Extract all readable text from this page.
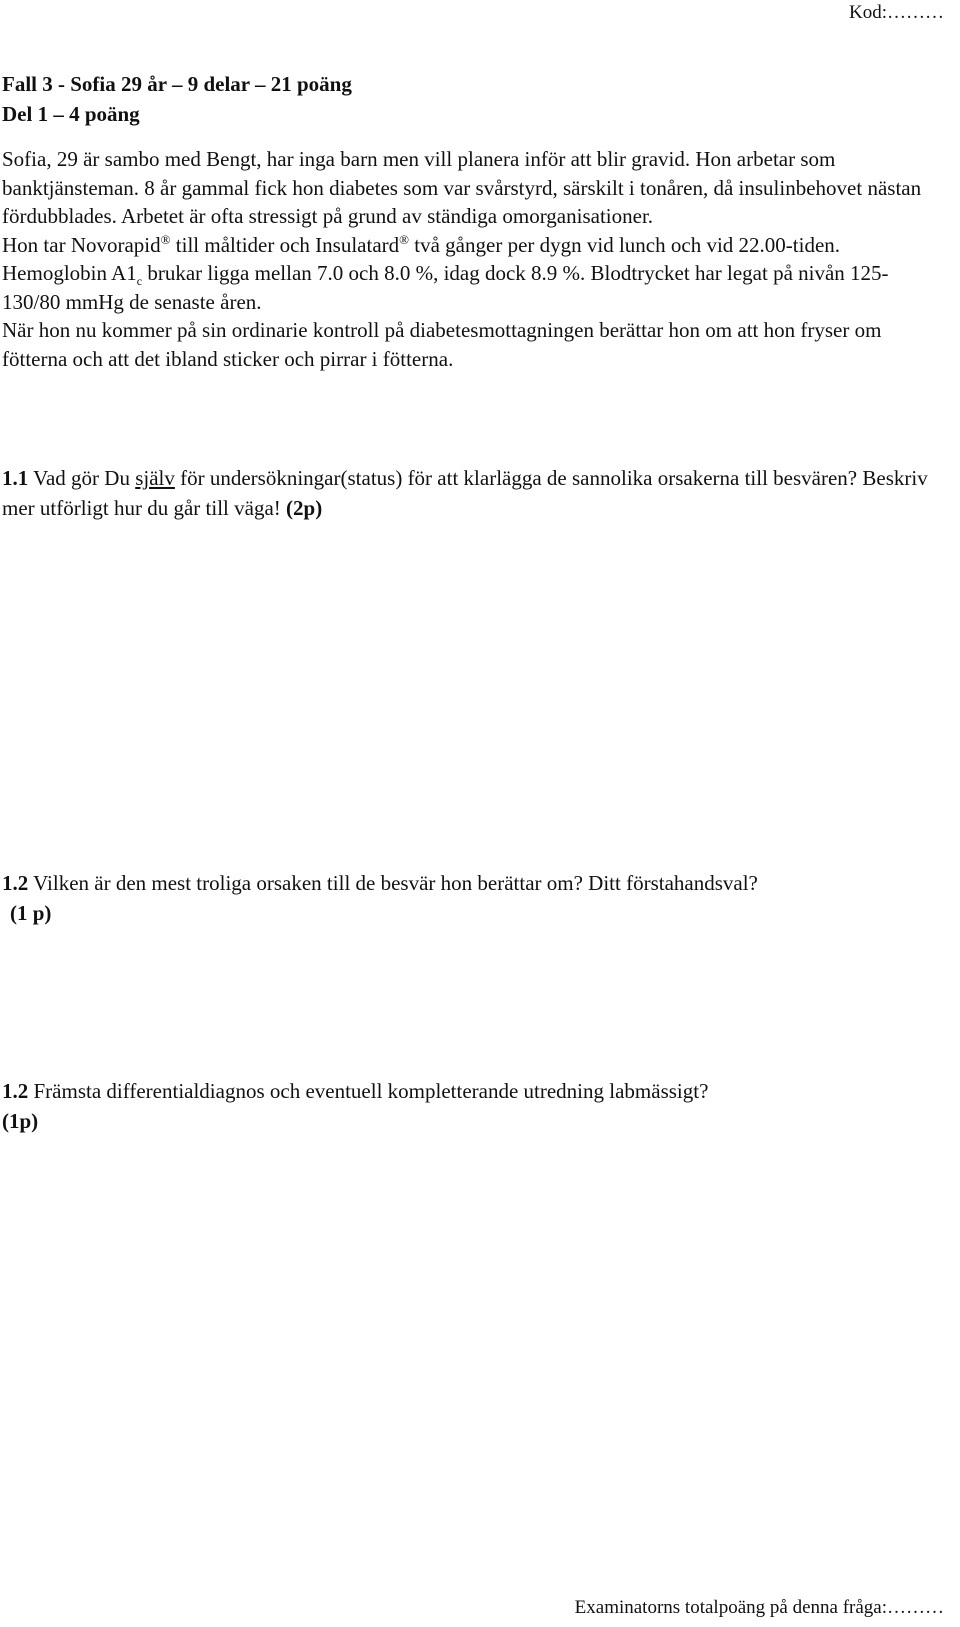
Kod:………
Fall 3 - Sofia 29 år – 9 delar – 21 poäng
Del 1 – 4 poäng

Sofia, 29 är sambo med Bengt, har inga barn men vill planera inför att blir gravid. Hon arbetar som banktjänsteman. 8 år gammal fick hon diabetes som var svårstyrd, särskilt i tonåren, då insulinbehovet nästan fördubblades. Arbetet är ofta stressigt på grund av ständiga omorganisationer.

Hon tar Novorapid® till måltider och Insulatard® två gånger per dygn vid lunch och vid 22.00-tiden. Hemoglobin $A1_c$ brukar ligga mellan 7.0 och 8.0 %, idag dock 8.9 %. Blodtrycket har legat på nivån 125-130/80 mmHg de senaste åren.

När hon nu kommer på sin ordinarie kontroll på diabetesmottagningen berättar hon om att hon fryser om fötterna och att det ibland sticker och pirrar i fötterna.

1.1 Vad gör Du själv för undersökningar(status) för att klarlägga de sannolika orsakerna till besvären? Beskriv mer utförligt hur du går till väga! (2p)
1.2 Vilken är den mest troliga orsaken till de besvär hon berättar om? Ditt förstahandsval?
(1 p)
1.2 Främsta differentialdiagnos och eventuell kompletterande utredning labmässigt?
(1p)
Examinatorns totalpoäng på denna fråga:………
